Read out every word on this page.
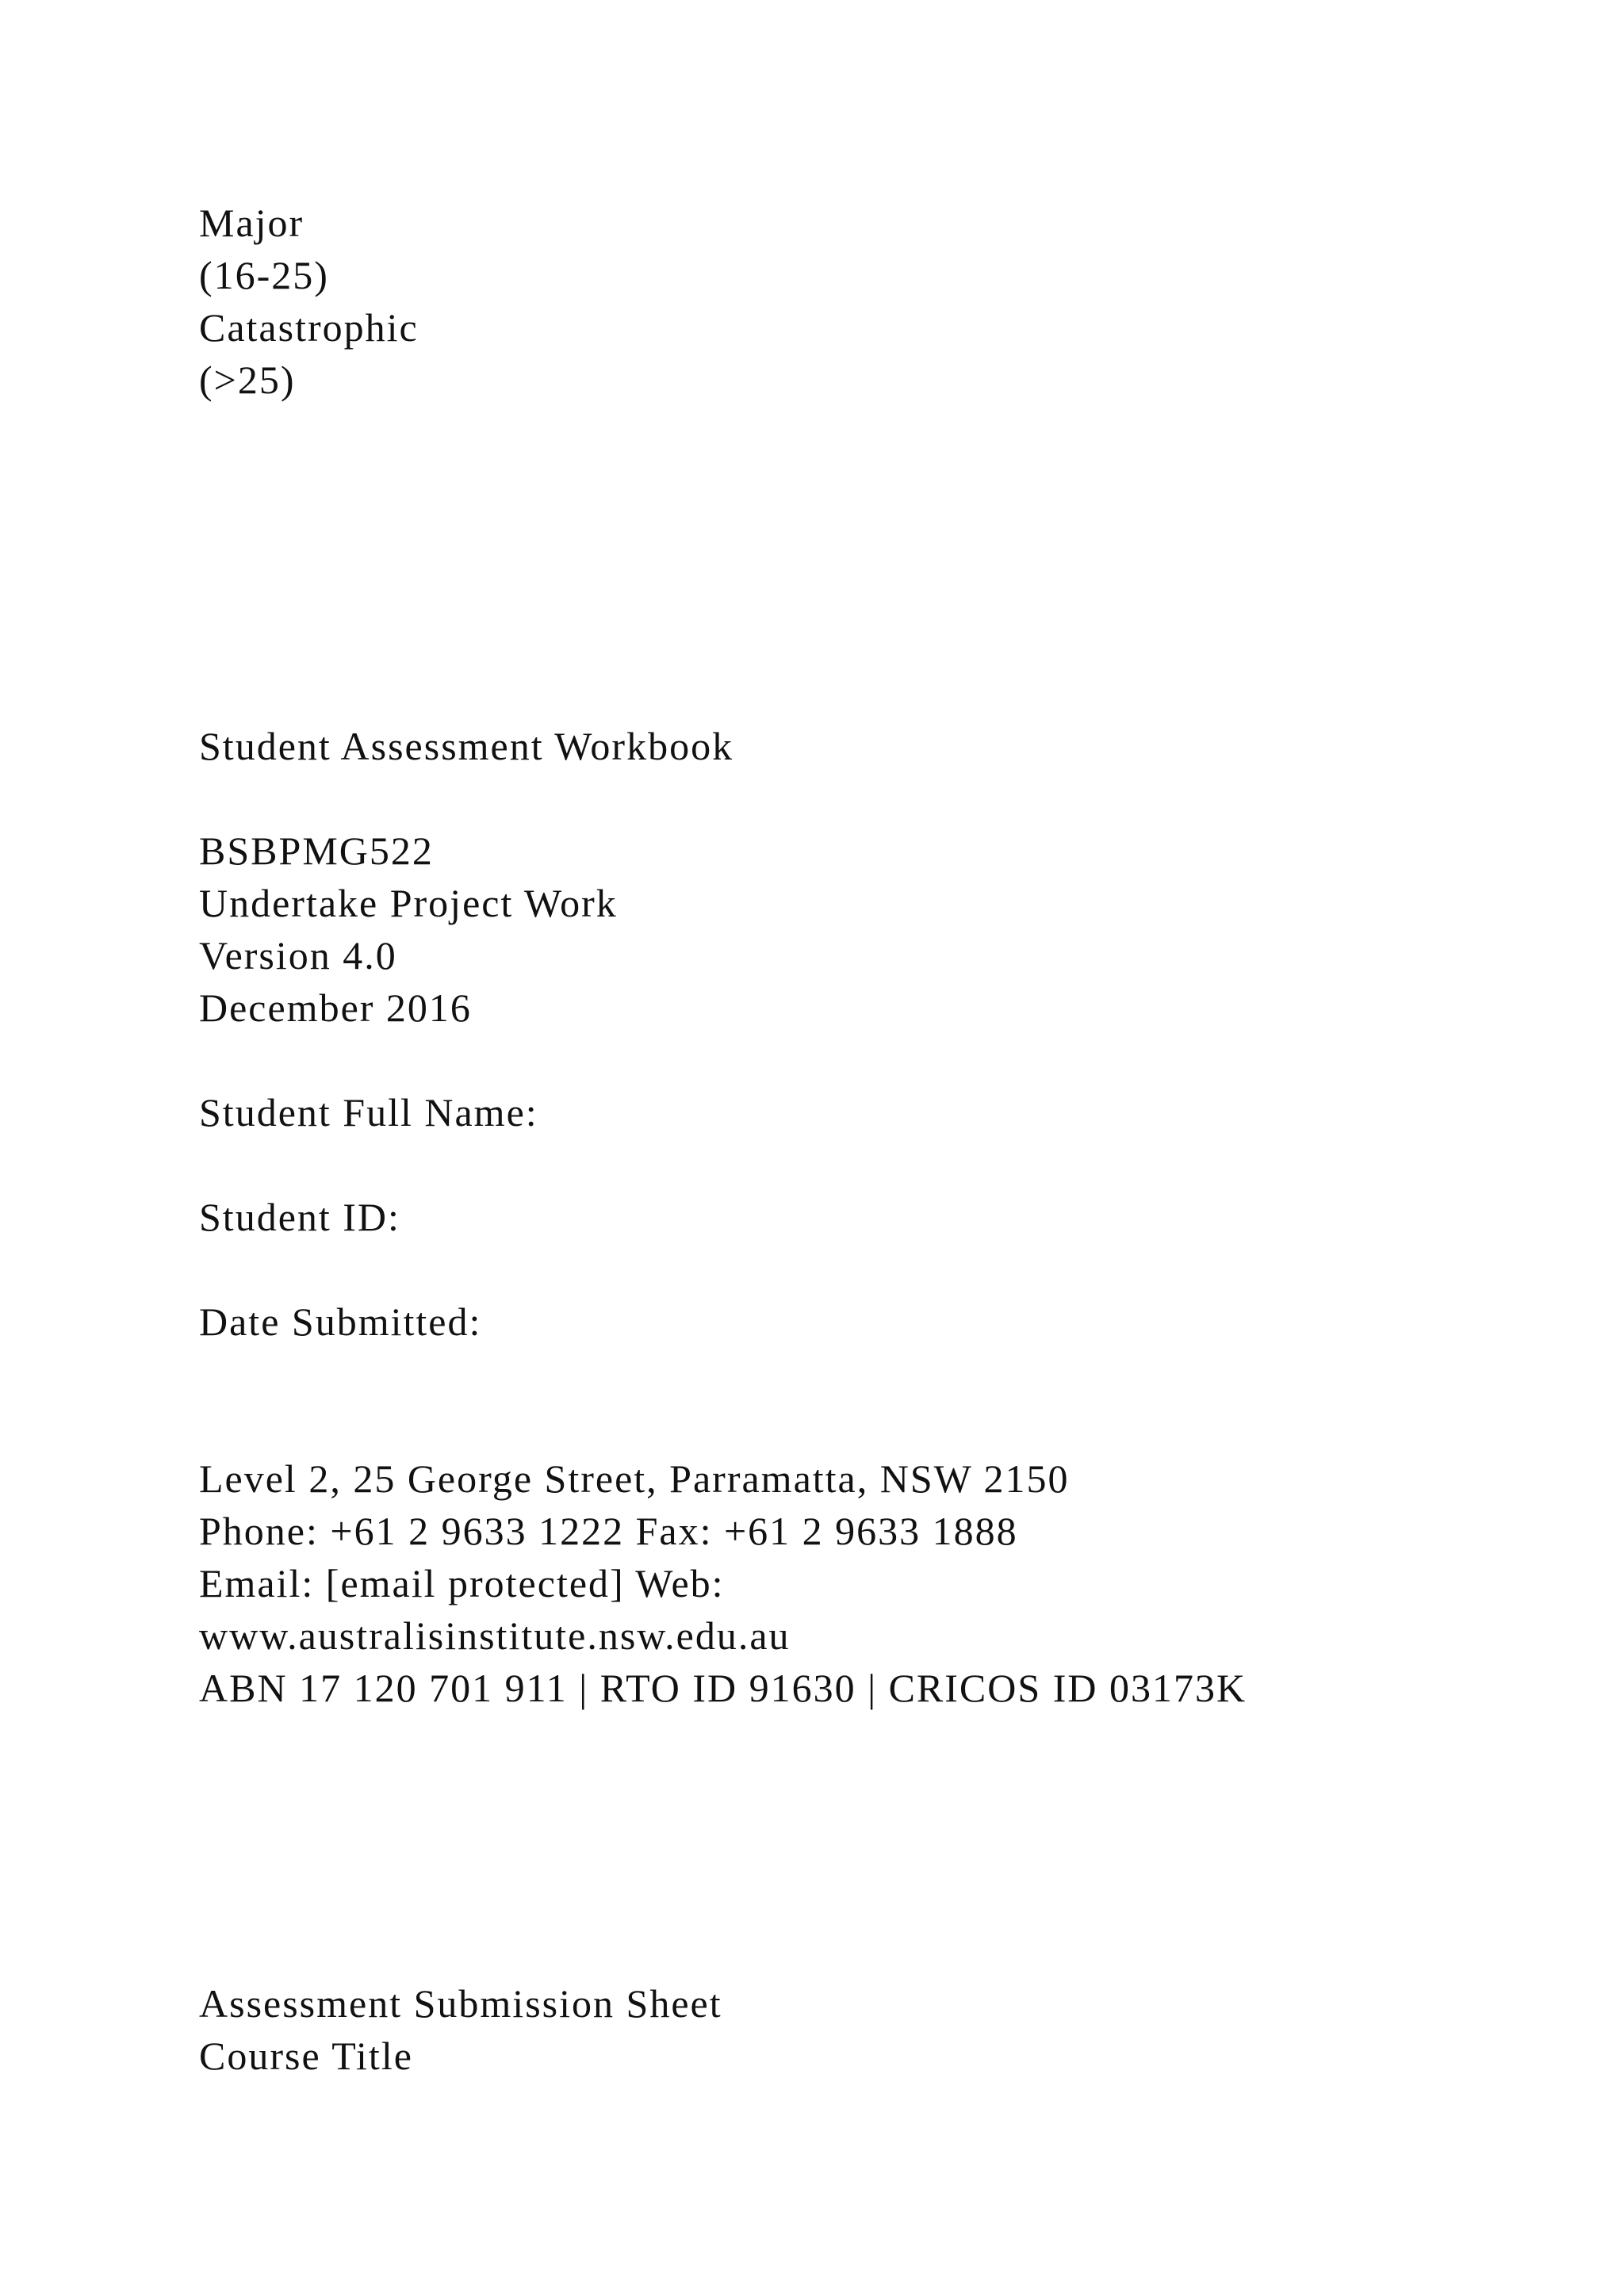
Major
(16-25)
Catastrophic
(>25)
Student Assessment Workbook
BSBPMG522
Undertake Project Work
Version 4.0
December 2016
Student Full Name:
Student ID:
Date Submitted:
Level 2, 25 George Street, Parramatta, NSW 2150
Phone: +61 2 9633 1222 Fax: +61 2 9633 1888
Email: [email protected] Web:
www.australisinstitute.nsw.edu.au
ABN 17 120 701 911 | RTO ID 91630 | CRICOS ID 03173K
Assessment Submission Sheet
Course Title
